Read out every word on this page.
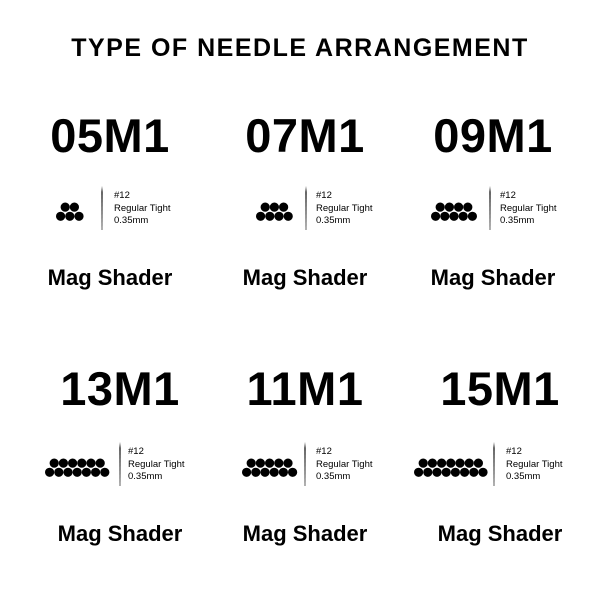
TYPE OF NEEDLE ARRANGEMENT
05M1
#12
Regular Tight
0.35mm
Mag Shader
07M1
#12
Regular Tight
0.35mm
Mag Shader
09M1
#12
Regular Tight
0.35mm
Mag Shader
13M1
#12
Regular Tight
0.35mm
Mag Shader
11M1
#12
Regular Tight
0.35mm
Mag Shader
15M1
#12
Regular Tight
0.35mm
Mag Shader
